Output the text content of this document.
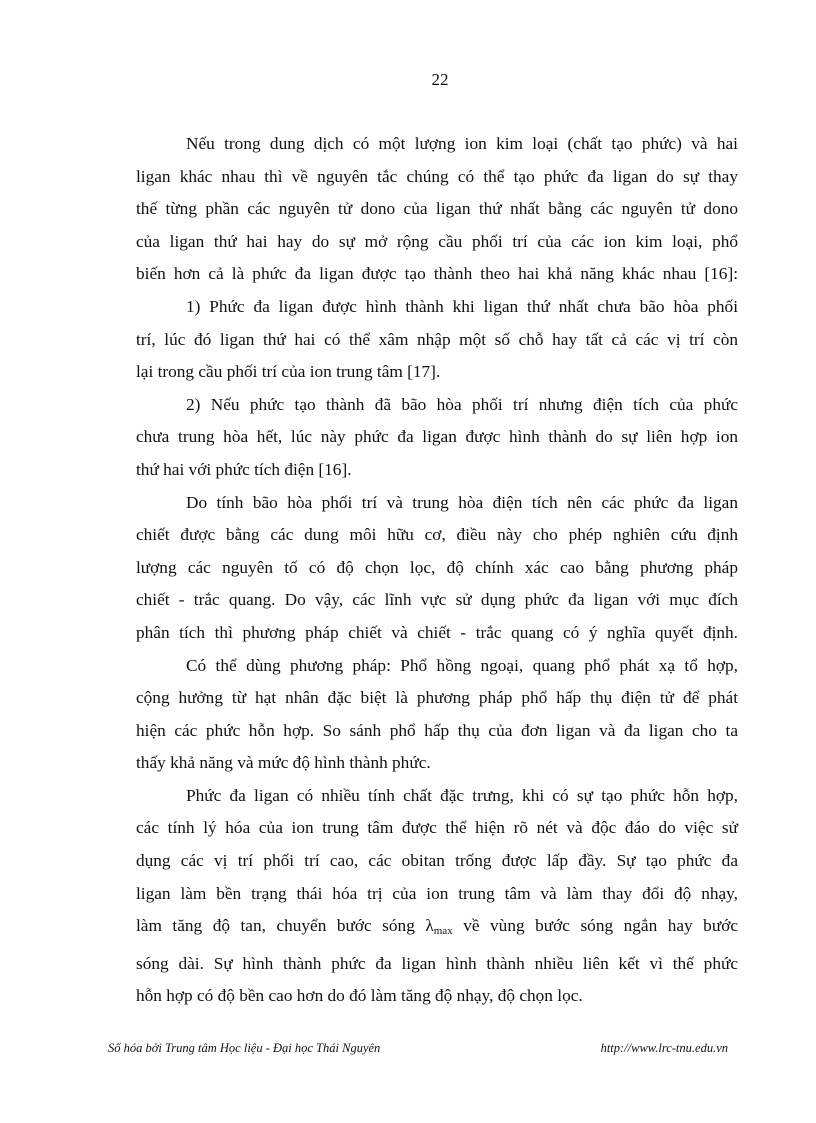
22

Nếu trong dung dịch có một lượng ion kim loại (chất tạo phức) và hai
ligan khác nhau thì về nguyên tắc chúng có thể tạo phức đa ligan do sự thay
thế từng phần các nguyên tử dono của ligan thứ nhất bằng các nguyên tử dono
của ligan thứ hai hay do sự mở rộng cầu phối trí của các ion kim loại, phổ
biến hơn cả là phức đa ligan được tạo thành theo hai khả năng khác nhau [16]:

1) Phức đa ligan được hình thành khi ligan thứ nhất chưa bão hòa phối
trí, lúc đó ligan thứ hai có thể xâm nhập một số chỗ hay tất cả các vị trí còn
lại trong cầu phối trí của ion trung tâm [17].

2) Nếu phức tạo thành đã bão hòa phối trí nhưng điện tích của phức
chưa trung hòa hết, lúc này phức đa ligan được hình thành do sự liên hợp ion
thứ hai với phức tích điện [16].

Do tính bão hòa phối trí và trung hòa điện tích nên các phức đa ligan
chiết được bằng các dung môi hữu cơ, điều này cho phép nghiên cứu định
lượng các nguyên tố có độ chọn lọc, độ chính xác cao bằng phương pháp
chiết - trắc quang. Do vậy, các lĩnh vực sử dụng phức đa ligan với mục đích
phân tích thì phương pháp chiết và chiết - trắc quang có ý nghĩa quyết định.

Có thể dùng phương pháp: Phổ hồng ngoại, quang phổ phát xạ tổ hợp,
cộng hưởng từ hạt nhân đặc biệt là phương pháp phổ hấp thụ điện tử để phát
hiện các phức hỗn hợp. So sánh phổ hấp thụ của đơn ligan và đa ligan cho ta
thấy khả năng và mức độ hình thành phức.

Phức đa ligan có nhiều tính chất đặc trưng, khi có sự tạo phức hỗn hợp,
các tính lý hóa của ion trung tâm được thể hiện rõ nét và độc đáo do việc sử
dụng các vị trí phối trí cao, các obitan trống được lấp đầy. Sự tạo phức đa
ligan làm bền trạng thái hóa trị của ion trung tâm và làm thay đổi độ nhạy,
làm tăng độ tan, chuyển bước sóng $\lambda_{max}$ về vùng bước sóng ngắn hay bước
sóng dài. Sự hình thành phức đa ligan hình thành nhiều liên kết vì thế phức
hỗn hợp có độ bền cao hơn do đó làm tăng độ nhạy, độ chọn lọc.

Số hóa bởi Trung tâm Học liệu - Đại học Thái Nguyên	http://www.lrc-tnu.edu.vn
